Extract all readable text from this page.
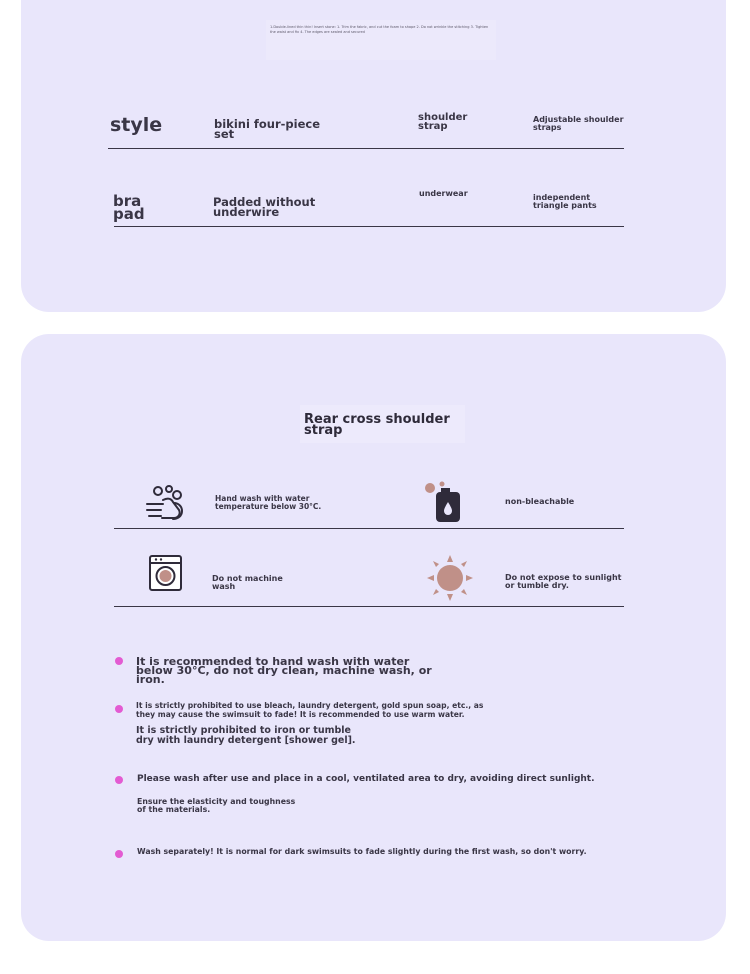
1.Double-lined thin thin! Insert stone: 1. Trim the fabric, and cut the foam to shape 2. Do not wrinkle the stitching 3. Tighten the waist and fix 4. The edges are sealed and secured
style	bikini four-piece set
shoulder strap
Adjustable shoulder straps
bra pad
Padded without underwire
underwear	independent triangle pants
Rear cross shoulder strap
Hand wash with water temperature below 30°C.
non-bleachable
Do not machine wash
Do not expose to sunlight or tumble dry.
It is recommended to hand wash with water below 30°C, do not dry clean, machine wash, or iron.
It is strictly prohibited to use bleach, laundry detergent, gold spun soap, etc., as they may cause the swimsuit to fade! It is recommended to use warm water.
It is strictly prohibited to iron or tumble dry with laundry detergent [shower gel].
Please wash after use and place in a cool, ventilated area to dry, avoiding direct sunlight.
Ensure the elasticity and toughness of the materials.
Wash separately! It is normal for dark swimsuits to fade slightly during the first wash, so don't worry.
